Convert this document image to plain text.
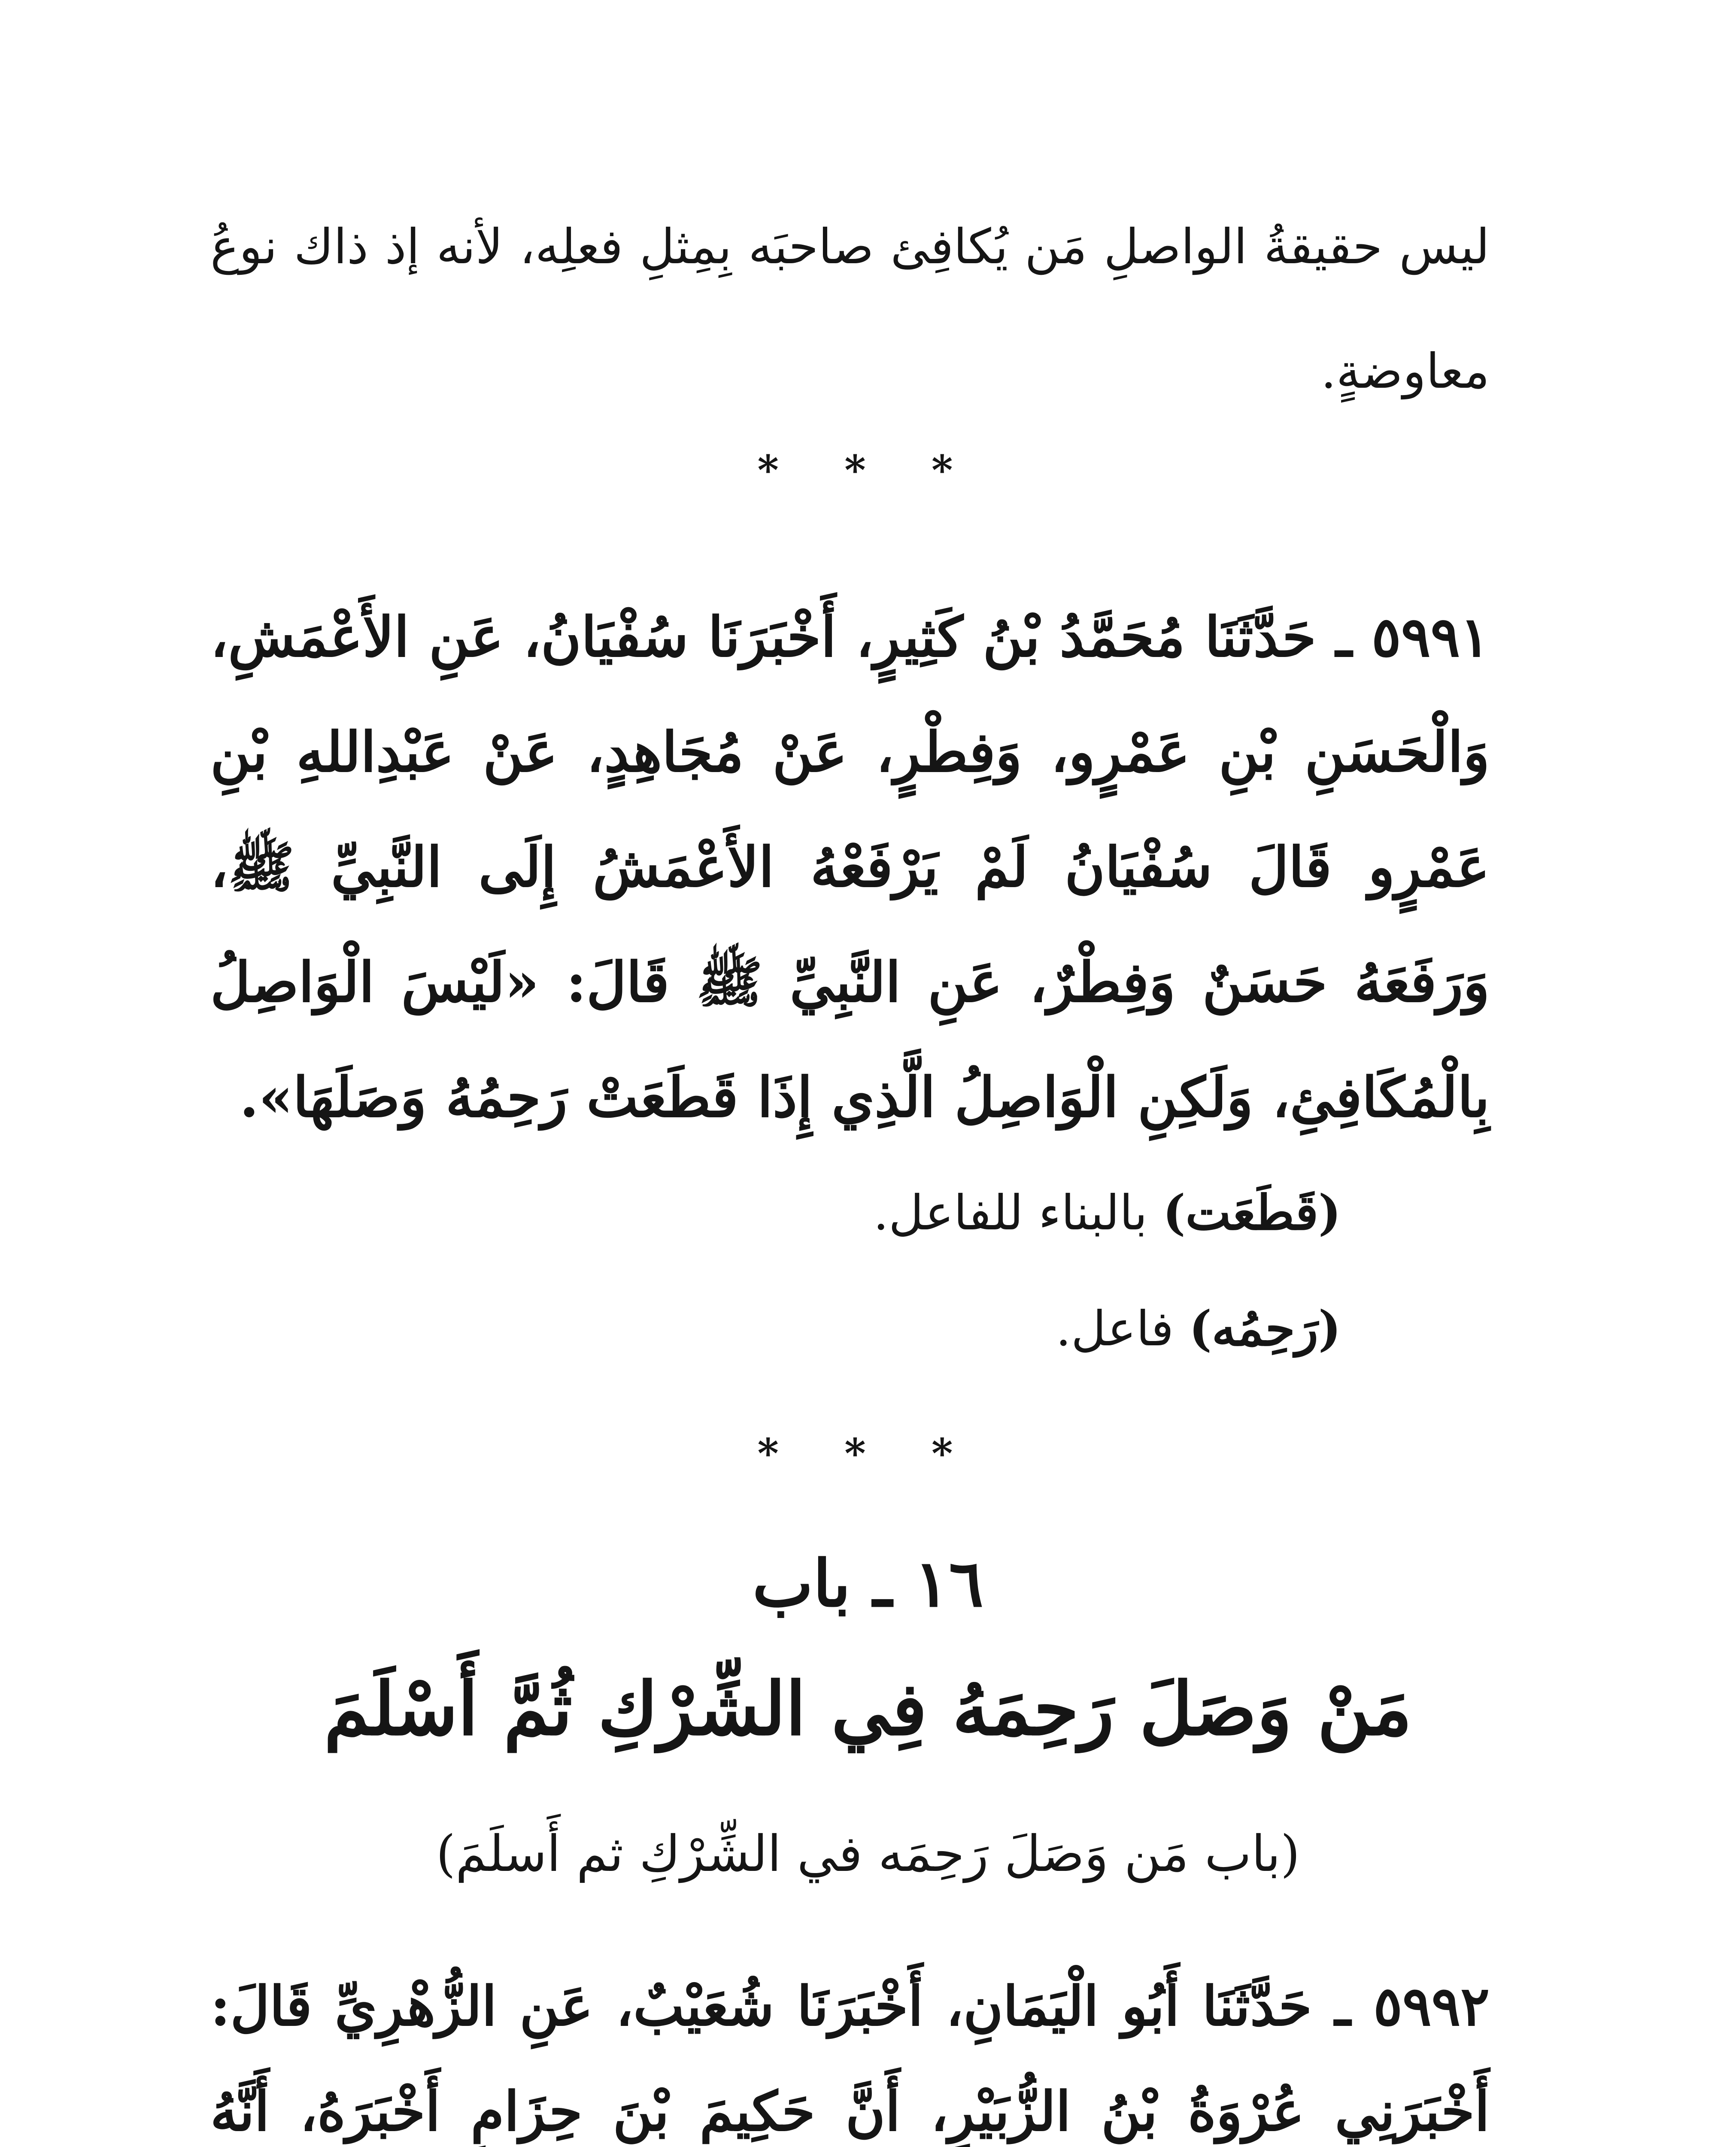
ليس حقيقةُ الواصلِ مَن يُكافِئ صاحبَه بِمِثلِ فعلِه، لأنه إذ ذاك نوعُ معاوضةٍ.

* * *

٥٩٩١ ـ حَدَّثَنَا مُحَمَّدُ بْنُ كَثِيرٍ، أَخْبَرَنَا سُفْيَانُ، عَنِ الأَعْمَشِ، وَالْحَسَنِ بْنِ عَمْرٍو، وَفِطْرٍ، عَنْ مُجَاهِدٍ، عَنْ عَبْدِاللهِ بْنِ عَمْرٍو قَالَ سُفْيَانُ لَمْ يَرْفَعْهُ الأَعْمَشُ إِلَى النَّبِيِّ ﷺ، وَرَفَعَهُ حَسَنٌ وَفِطْرٌ، عَنِ النَّبِيِّ ﷺ قَالَ: «لَيْسَ الْوَاصِلُ بِالْمُكَافِئِ، وَلَكِنِ الْوَاصِلُ الَّذِي إِذَا قَطَعَتْ رَحِمُهُ وَصَلَهَا».

(قَطَعَت) بالبناء للفاعل.
(رَحِمُه) فاعل.
* * *
١٦ ـ باب
مَنْ وَصَلَ رَحِمَهُ فِي الشِّرْكِ ثُمَّ أَسْلَمَ
(باب مَن وَصَلَ رَحِمَه في الشِّرْكِ ثم أَسلَمَ)

٥٩٩٢ ـ حَدَّثَنَا أَبُو الْيَمَانِ، أَخْبَرَنَا شُعَيْبٌ، عَنِ الزُّهْرِيِّ قَالَ: أَخْبَرَنِي عُرْوَةُ بْنُ الزُّبَيْرِ، أَنَّ حَكِيمَ بْنَ حِزَامٍ أَخْبَرَهُ، أَنَّهُ
